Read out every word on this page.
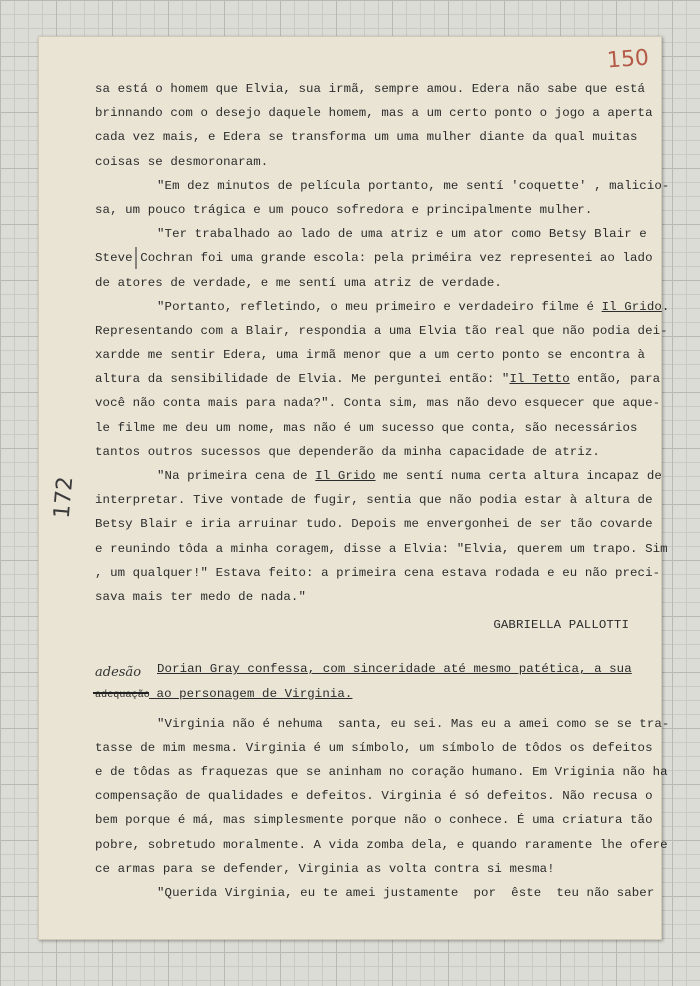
150
172
sa está o homem que Elvia, sua irmã, sempre amou. Edera não sabe que está
brinnando com o desejo daquele homem, mas a um certo ponto o jogo a aperta
cada vez mais, e Edera se transforma um uma mulher diante da qual muitas
coisas se desmoronaram.
"Em dez minutos de película portanto, me sentí 'coquette' , malicio-
sa, um pouco trágica e um pouco sofredora e principalmente mulher.
"Ter trabalhado ao lado de uma atriz e um ator como Betsy Blair e
Steve Cochran foi uma grande escola: pela priméira vez representei ao lado
de atores de verdade, e me sentí uma atriz de verdade.
"Portanto, refletindo, o meu primeiro e verdadeiro filme é Il Grido.
Representando com a Blair, respondia a uma Elvia tão real que não podia dei-
xardde me sentir Edera, uma irmã menor que a um certo ponto se encontra à
altura da sensibilidade de Elvia. Me perguntei então: "Il Tetto então, para
você não conta mais para nada?". Conta sim, mas não devo esquecer que aque-
le filme me deu um nome, mas não é um sucesso que conta, são necessários
tantos outros sucessos que dependerão da minha capacidade de atriz.
"Na primeira cena de Il Grido me sentí numa certa altura incapaz de
interpretar. Tive vontade de fugir, sentia que não podia estar à altura de
Betsy Blair e iria arruinar tudo. Depois me envergonhei de ser tão covarde
e reunindo tôda a minha coragem, disse a Elvia: "Elvia, querem um trapo. Sim
, um qualquer!" Estava feito: a primeira cena estava rodada e eu não preci-
sava mais ter medo de nada."
GABRIELLA PALLOTTI
Dorian Gray confessa, com sinceridade até mesmo patética, a sua
adequação ao personagem de Virginia.
"Virginia não é nehuma  santa, eu sei. Mas eu a amei como se se tra-
tasse de mim mesma. Virginia é um símbolo, um símbolo de tôdos os defeitos
e de tôdas as fraquezas que se aninham no coração humano. Em Vriginia não ha
compensação de qualidades e defeitos. Virginia é só defeitos. Não recusa o
bem porque é má, mas simplesmente porque não o conhece. É uma criatura tão
pobre, sobretudo moralmente. A vida zomba dela, e quando raramente lhe ofere
ce armas para se defender, Virginia as volta contra si mesma!
"Querida Virginia, eu te amei justamente  por  êste  teu não saber
adesão
